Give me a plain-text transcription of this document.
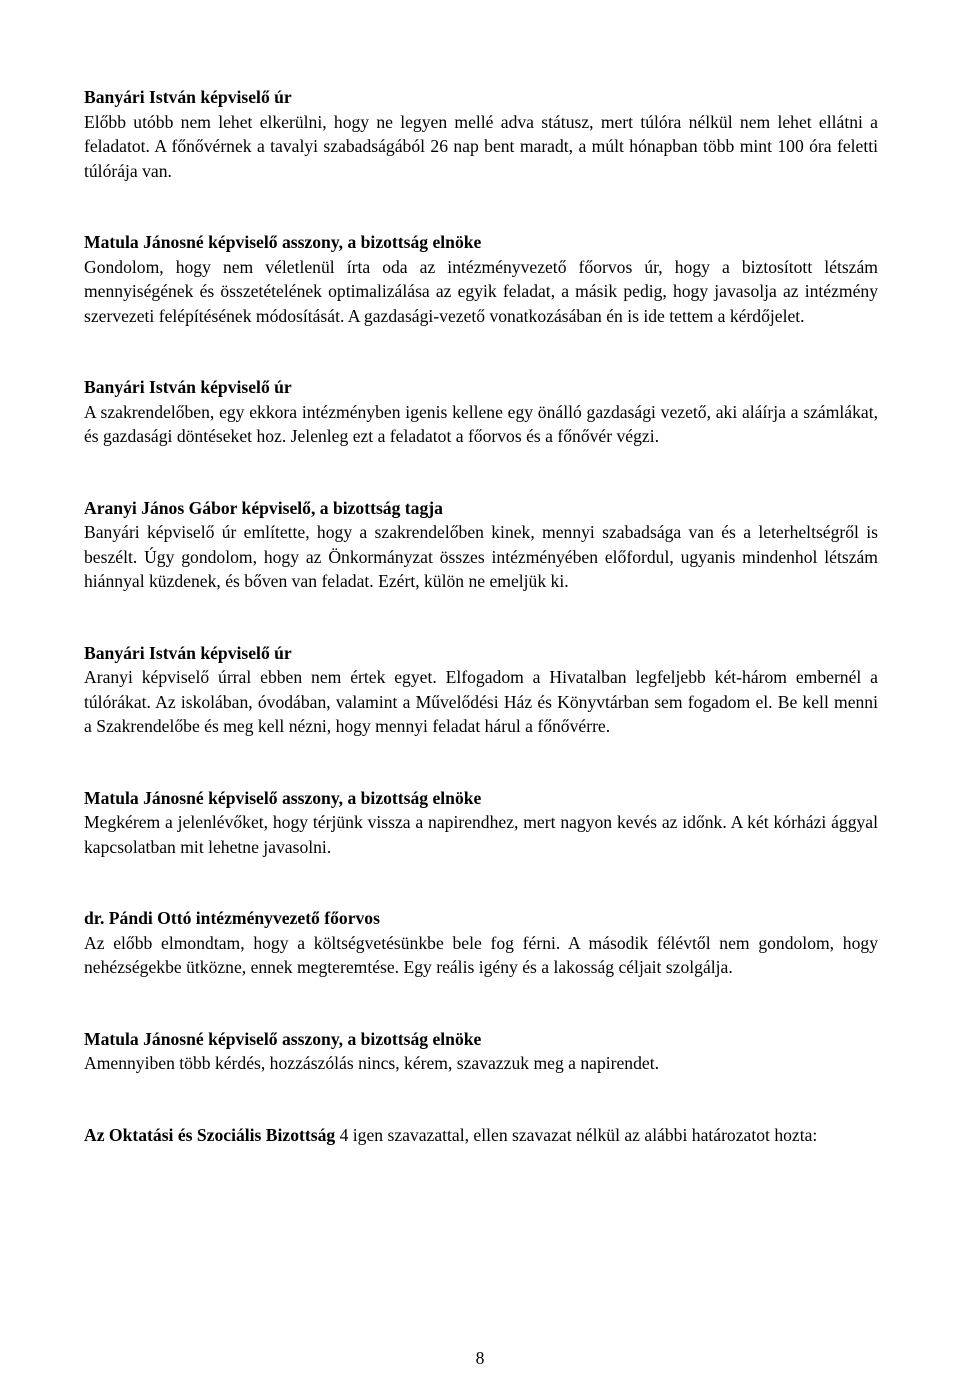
Banyári István képviselő úr
Előbb utóbb nem lehet elkerülni, hogy ne legyen mellé adva státusz, mert túlóra nélkül nem lehet ellátni a feladatot. A főnővérnek a tavalyi szabadságából 26 nap bent maradt, a múlt hónapban több mint 100 óra feletti túlórája van.
Matula Jánosné képviselő asszony, a bizottság elnöke
Gondolom, hogy nem véletlenül írta oda az intézményvezető főorvos úr, hogy a biztosított létszám mennyiségének és összetételének optimalizálása az egyik feladat, a másik pedig, hogy javasolja az intézmény szervezeti felépítésének módosítását. A gazdasági-vezető vonatkozásában én is ide tettem a kérdőjelet.
Banyári István képviselő úr
A szakrendelőben, egy ekkora intézményben igenis kellene egy önálló gazdasági vezető, aki aláírja a számlákat, és gazdasági döntéseket hoz. Jelenleg ezt a feladatot a főorvos és a főnővér végzi.
Aranyi János Gábor képviselő, a bizottság tagja
Banyári képviselő úr említette, hogy a szakrendelőben kinek, mennyi szabadsága van és a leterheltségről is beszélt. Úgy gondolom, hogy az Önkormányzat összes intézményében előfordul, ugyanis mindenhol létszám hiánnyal küzdenek, és bőven van feladat. Ezért, külön ne emeljük ki.
Banyári István képviselő úr
Aranyi képviselő úrral ebben nem értek egyet. Elfogadom a Hivatalban legfeljebb két-három embernél a túlórákat. Az iskolában, óvodában, valamint a Művelődési Ház és Könyvtárban sem fogadom el. Be kell menni a Szakrendelőbe és meg kell nézni, hogy mennyi feladat hárul a főnővérre.
Matula Jánosné képviselő asszony, a bizottság elnöke
Megkérem a jelenlévőket, hogy térjünk vissza a napirendhez, mert nagyon kevés az időnk. A két kórházi ággyal kapcsolatban mit lehetne javasolni.
dr. Pándi Ottó intézményvezető főorvos
Az előbb elmondtam, hogy a költségvetésünkbe bele fog férni. A második félévtől nem gondolom, hogy nehézségekbe ütközne, ennek megteremtése. Egy reális igény és a lakosság céljait szolgálja.
Matula Jánosné képviselő asszony, a bizottság elnöke
Amennyiben több kérdés, hozzászólás nincs, kérem, szavazzuk meg a napirendet.
Az Oktatási és Szociális Bizottság 4 igen szavazattal, ellen szavazat nélkül az alábbi határozatot hozta:
8
